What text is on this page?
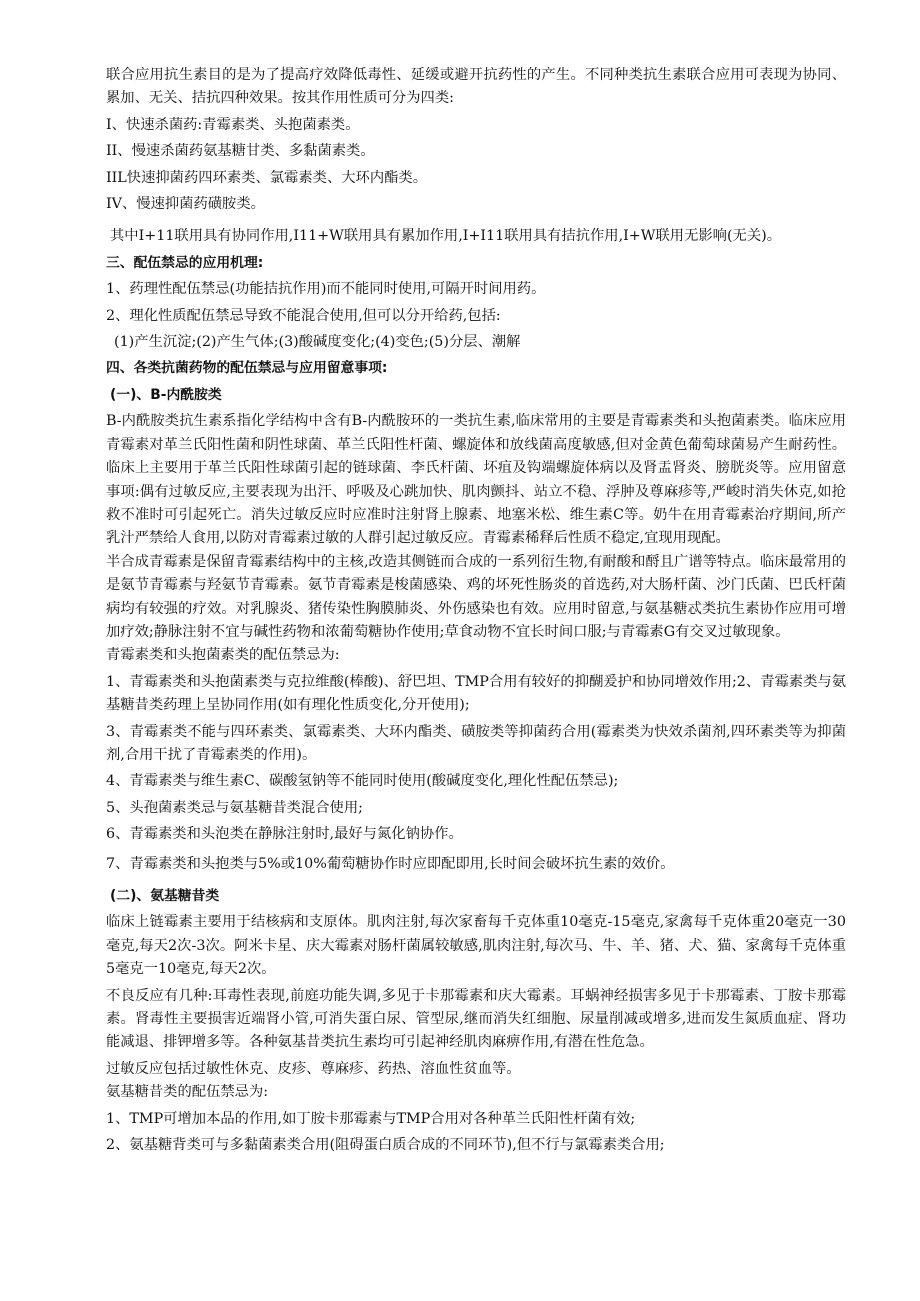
联合应用抗生素目的是为了提高疗效降低毒性、延缓或避开抗药性的产生。不同种类抗生素联合应用可表现为协同、累加、无关、拮抗四种效果。按其作用性质可分为四类:

I、快速杀菌药:青霉素类、头抱菌素类。

II、慢速杀菌药氨基糖甘类、多黏菌素类。

IIL快速抑菌药四环素类、氯霉素类、大环内酯类。

IV、慢速抑菌药磺胺类。

其中I+11联用具有协同作用,I11+W联用具有累加作用,I+I11联用具有拮抗作用,I+W联用无影响(无关)。

三、配伍禁忌的应用机理:

1、药理性配伍禁忌(功能拮抗作用)而不能同时使用,可隔开时间用药。

2、理化性质配伍禁忌导致不能混合使用,但可以分开给药,包括:

(1)产生沉淀;(2)产生气体;(3)酸碱度变化;(4)变色;(5)分层、潮解

四、各类抗菌药物的配伍禁忌与应用留意事项:

(一)、B-内酰胺类

B-内酰胺类抗生素系指化学结构中含有B-内酰胺环的一类抗生素,临床常用的主要是青霉素类和头抱菌素类。临床应用青霉素对革兰氏阳性菌和阴性球菌、革兰氏阳性杆菌、螺旋体和放线菌高度敏感,但对金黄色葡萄球菌易产生耐药性。临床上主要用于革兰氏阳性球菌引起的链球菌、李氏杆菌、坏疽及钩端螺旋体病以及肾盂肾炎、膀胱炎等。应用留意事项:偶有过敏反应,主要表现为出汗、呼吸及心跳加快、肌肉颤抖、站立不稳、浮肿及尊麻疹等,严峻时消失休克,如抢救不准时可引起死亡。消失过敏反应时应准时注射肾上腺素、地塞米松、维生素C等。奶牛在用青霉素治疗期间,所产乳汁严禁给人食用,以防对青霉素过敏的人群引起过敏反应。青霉素稀释后性质不稳定,宜现用现配。

半合成青霉素是保留青霉素结构中的主核,改造其侧链而合成的一系列衍生物,有耐酸和酹且广谱等特点。临床最常用的是氨节青霉素与羟氨节青霉素。氨节青霉素是梭菌感染、鸡的坏死性肠炎的首选药,对大肠杆菌、沙门氏菌、巴氏杆菌病均有较强的疗效。对乳腺炎、猪传染性胸膜肺炎、外伤感染也有效。应用时留意,与氨基糖忒类抗生素协作应用可增加疗效;静脉注射不宜与碱性药物和浓葡萄糖协作使用;草食动物不宜长时间口服;与青霉素G有交叉过敏现象。

青霉素类和头抱菌素类的配伍禁忌为:

1、青霉素类和头抱菌素类与克拉维酸(棒酸)、舒巴坦、TMP合用有较好的抑醐爰护和协同增效作用;2、青霉素类与氨基糖昔类药理上呈协同作用(如有理化性质变化,分开使用);

3、青霉素类不能与四环素类、氯霉素类、大环内酯类、磺胺类等抑菌药合用(霉素类为快效杀菌剂,四环素类等为抑菌剂,合用干扰了青霉素类的作用)。

4、青霉素类与维生素C、碳酸氢钠等不能同时使用(酸碱度变化,理化性配伍禁忌);

5、头孢菌素类忌与氨基糖昔类混合使用;

6、青霉素类和头泡类在静脉注射时,最好与氮化钠协作。

7、青霉素类和头抱类与5%或10%葡萄糖协作时应即配即用,长时间会破坏抗生素的效价。

(二)、氨基糖昔类

临床上链霉素主要用于结核病和支原体。肌肉注射,每次家畜每千克体重10毫克-15毫克,家禽每千克体重20毫克一30毫克,每天2次-3次。阿米卡星、庆大霉素对肠杆菌属较敏感,肌肉注射,每次马、牛、羊、猪、犬、猫、家禽每千克体重5毫克一10毫克,每天2次。

不良反应有几种:耳毒性表现,前庭功能失调,多见于卡那霉素和庆大霉素。耳蜗神经损害多见于卡那霉素、丁胺卡那霉素。肾毒性主要损害近端肾小管,可消失蛋白尿、管型尿,继而消失红细胞、尿量削减或增多,进而发生氮质血症、肾功能减退、排钾增多等。各种氨基昔类抗生素均可引起神经肌肉麻痹作用,有潜在性危急。

过敏反应包括过敏性休克、皮疹、尊麻疹、药热、溶血性贫血等。

氨基糖昔类的配伍禁忌为:

1、TMP可增加本品的作用,如丁胺卡那霉素与TMP合用对各种革兰氏阳性杆菌有效;

2、氨基糖背类可与多黏菌素类合用(阻碍蛋白质合成的不同环节),但不行与氯霉素类合用;
